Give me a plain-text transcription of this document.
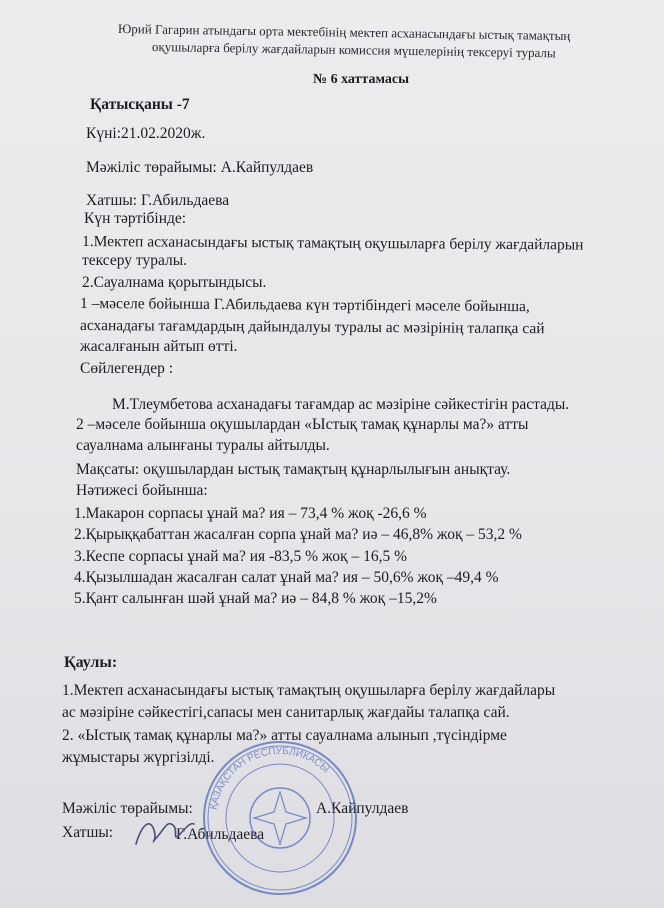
Юрий Гагарин атындағы орта мектебінің мектеп асханасындағы ыстық тамақтың
оқушыларға берілу жағдайларын комиссия мүшелерінің тексеруі туралы
№ 6 хаттамасы
Қатысқаны -7
Күні:21.02.2020ж.
Мәжіліс төрайымы: А.Кайпулдаев
Хатшы: Г.Абильдаева
Күн тәртібінде:
1.Мектеп асханасындағы ыстық тамақтың оқушыларға берілу жағдайларын
тексеру туралы.
2.Сауалнама қорытындысы.
1 –мәселе бойынша Г.Абильдаева күн тәртібіндегі мәселе бойынша,
асханадағы тағамдардың дайындалуы туралы ас мәзірінің талапқа сай
жасалғанын айтып өтті.
Сөйлегендер :
М.Тлеумбетова асханадағы тағамдар ас мәзіріне сәйкестігін растады.
2 –мәселе бойынша оқушылардан «Ыстық тамақ құнарлы ма?» атты
сауалнама алынғаны туралы айтылды.
Мақсаты: оқушылардан ыстық тамақтың құнарлылығын анықтау.
Нәтижесі бойынша:
1.Макарон сорпасы ұнай ма? ия – 73,4 % жоқ -26,6 %
2.Қырыққабаттан жасалған сорпа ұнай ма? иә – 46,8% жоқ – 53,2 %
3.Кеспе сорпасы ұнай ма? ия -83,5 % жоқ – 16,5 %
4.Қызылшадан жасалған салат ұнай ма? ия – 50,6% жоқ –49,4 %
5.Қант салынған шәй ұнай ма? иә – 84,8 % жоқ –15,2%
Қаулы:
1.Мектеп асханасындағы ыстық тамақтың оқушыларға берілу жағдайлары
ас мәзіріне сәйкестігі,сапасы мен санитарлық жағдайы талапқа сай.
2. «Ыстық тамақ құнарлы ма?» атты сауалнама алынып ,түсіндірме
жұмыстары жүргізілді.
Мәжіліс төрайымы:	А.Кайпулдаев
Хатшы:	Г.Абильдаева
ҚАЗАҚСТАН РЕСПУБЛИКАСЫ
